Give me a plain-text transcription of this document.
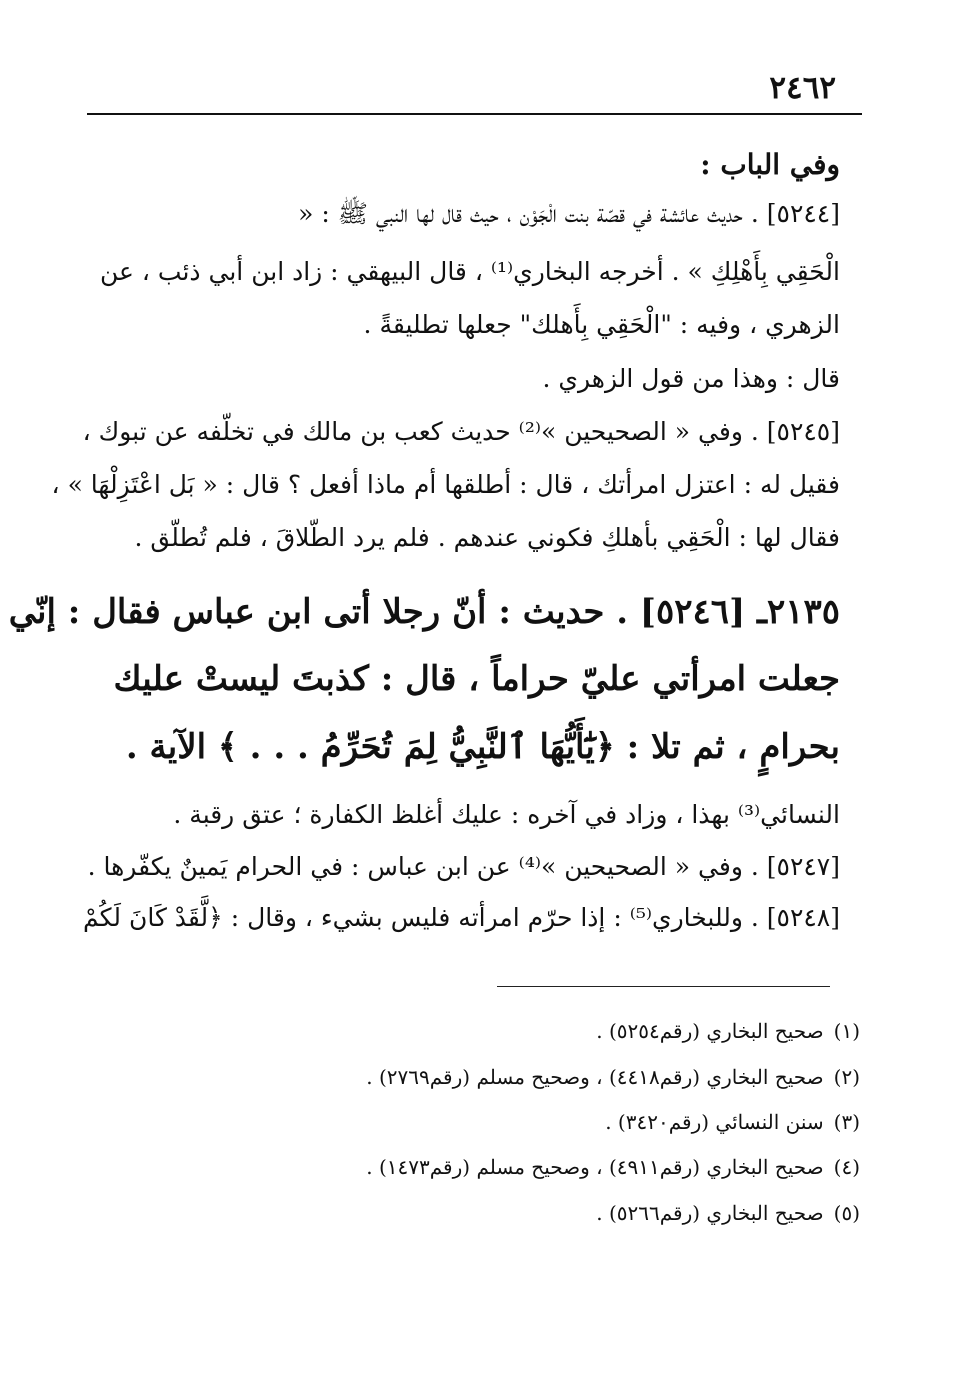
٢٤٦٢
وفي الباب :
[٥٢٤٤] . حديث عائشة في قصّة بنت الْجَوْن ، حيث قال لها النبي ﷺ : «
الْحَقِي بِأَهْلِكِ » . أخرجه البخاري⁽¹⁾ ، قال البيهقي : زاد ابن أبي ذئب ، عن
الزهري ، وفيه : "الْحَقِي بِأَهلك" جعلها تطليقةً .
قال : وهذا من قول الزهري .
[٥٢٤٥] . وفي « الصحيحين »⁽²⁾ حديث كعب بن مالك في تخلّفه عن تبوك ،
فقيل له : اعتزل امرأتك ، قال : أطلقها أم ماذا أفعل ؟ قال : « بَل اعْتَزِلْهَا » ،
فقال لها : الْحَقِي بأهلكِ فكوني عندهم . فلم يرد الطّلاقَ ، فلم تُطلّق .
٢١٣٥ـ [٥٢٤٦] . حديث : أنّ رجلا أتى ابن عباس فقال : إنّي
جعلت امرأتي عليّ حراماً ، قال : كذبتَ ليستْ عليك
بحرامٍ ، ثم تلا : ﴿يَٰٓأَيُّهَا ٱلنَّبِيُّ لِمَ تُحَرِّمُ . . . ﴾ الآية .
النسائي⁽³⁾ بهذا ، وزاد في آخره : عليك أغلظ الكفارة ؛ عتق رقبة .
[٥٢٤٧] . وفي « الصحيحين »⁽⁴⁾ عن ابن عباس : في الحرام يَمينٌ يكفّرها .
[٥٢٤٨] . وللبخاري⁽⁵⁾ : إذا حرّم امرأته فليس بشيء ، وقال : ﴿لَّقَدْ كَانَ لَكُمْ
(١)صحيح البخاري (رقم٥٢٥٤) .
(٢)صحيح البخاري (رقم٤٤١٨) ، وصحيح مسلم (رقم٢٧٦٩) .
(٣)سنن النسائي (رقم٣٤٢٠) .
(٤)صحيح البخاري (رقم٤٩١١) ، وصحيح مسلم (رقم١٤٧٣) .
(٥)صحيح البخاري (رقم٥٢٦٦) .
